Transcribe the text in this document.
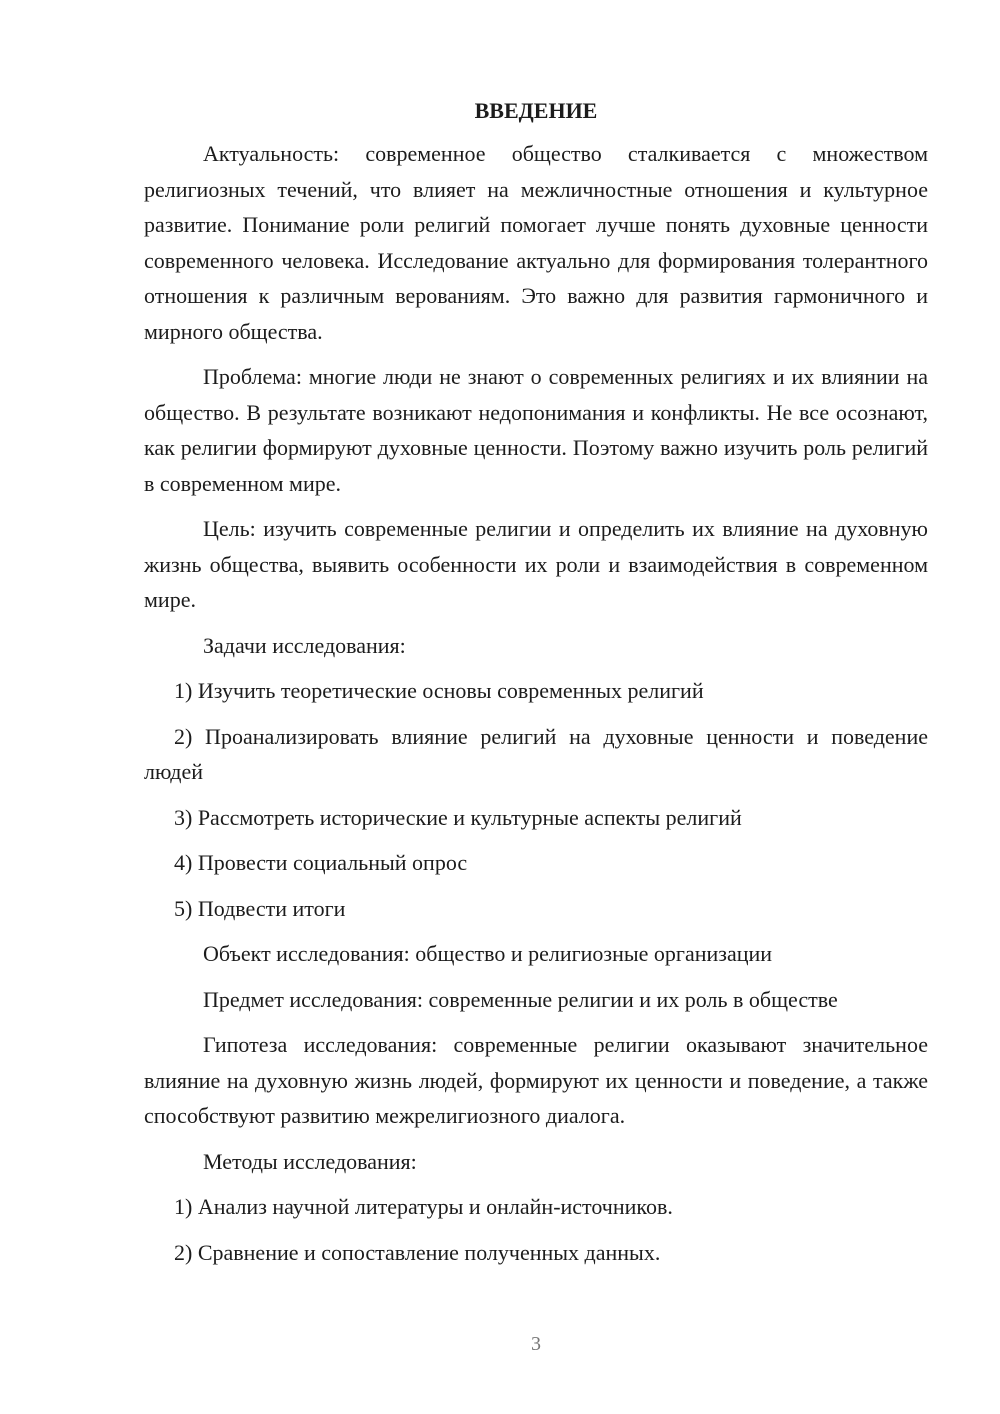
ВВЕДЕНИЕ

Актуальность: современное общество сталкивается с множеством религиозных течений, что влияет на межличностные отношения и культурное развитие. Понимание роли религий помогает лучше понять духовные ценности современного человека. Исследование актуально для формирования толерантного отношения к различным верованиям. Это важно для развития гармоничного и мирного общества.

Проблема: многие люди не знают о современных религиях и их влиянии на общество. В результате возникают недопонимания и конфликты. Не все осознают, как религии формируют духовные ценности. Поэтому важно изучить роль религий в современном мире.

Цель: изучить современные религии и определить их влияние на духовную жизнь общества, выявить особенности их роли и взаимодействия в современном мире.

Задачи исследования:

1) Изучить теоретические основы современных религий

2) Проанализировать влияние религий на духовные ценности и поведение людей

3) Рассмотреть исторические и культурные аспекты религий

4) Провести социальный опрос

5) Подвести итоги

Объект исследования: общество и религиозные организации

Предмет исследования: современные религии и их роль в обществе

Гипотеза исследования: современные религии оказывают значительное влияние на духовную жизнь людей, формируют их ценности и поведение, а также способствуют развитию межрелигиозного диалога.

Методы исследования:

1) Анализ научной литературы и онлайн-источников.

2) Сравнение и сопоставление полученных данных.

3
